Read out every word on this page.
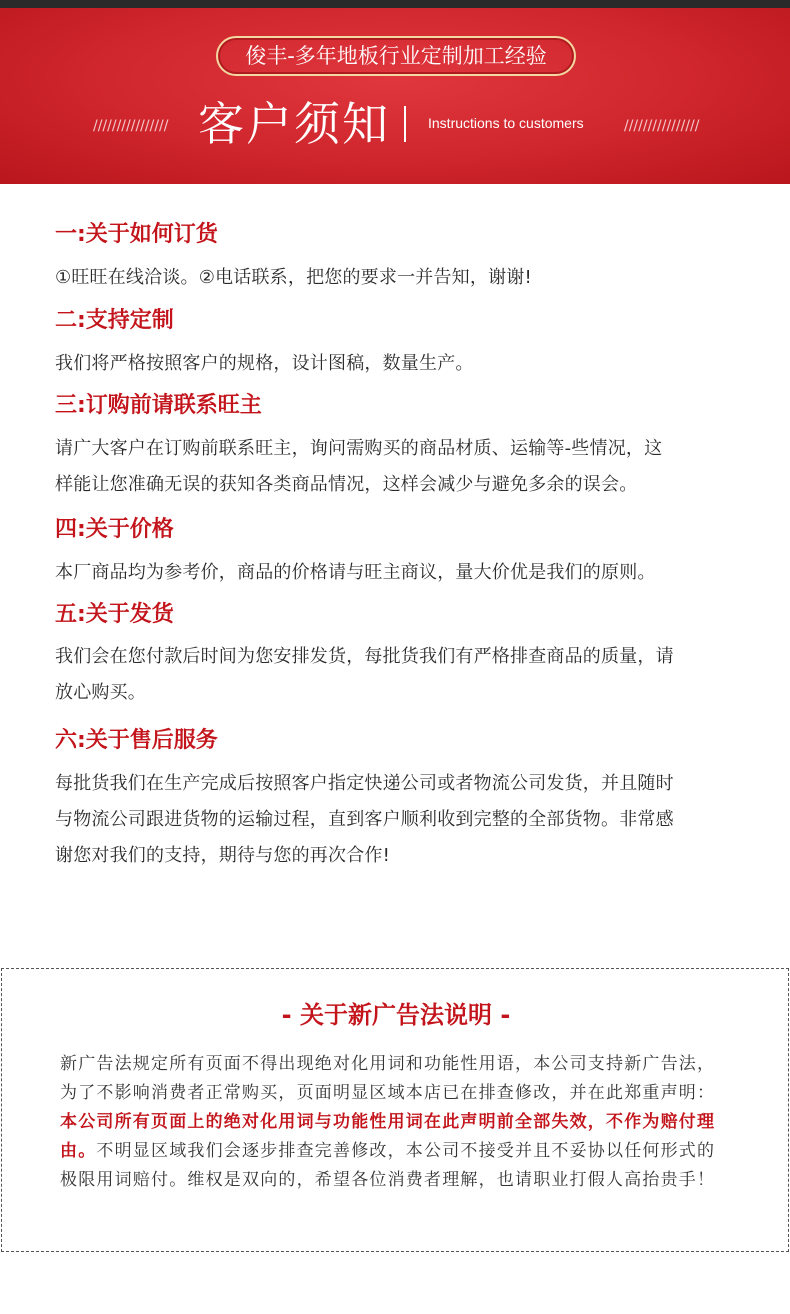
俊丰-多年地板行业定制加工经验
//////////////// 客户须知	Instructions to customers	////////////////
一:关于如何订货
①旺旺在线洽谈。②电话联系，把您的要求一并告知，谢谢!
二:支持定制
我们将严格按照客户的规格，设计图稿，数量生产。
三:订购前请联系旺主
请广大客户在订购前联系旺主，询问需购买的商品材质、运输等-些情况，这
样能让您准确无误的获知各类商品情况，这样会减少与避免多余的误会。
四:关于价格
本厂商品均为参考价，商品的价格请与旺主商议，量大价优是我们的原则。
五:关于发货
我们会在您付款后时间为您安排发货，每批货我们有严格排查商品的质量，请
放心购买。
六:关于售后服务
每批货我们在生产完成后按照客户指定快递公司或者物流公司发货，并且随时
与物流公司跟进货物的运输过程，直到客户顺利收到完整的全部货物。非常感
谢您对我们的支持，期待与您的再次合作!
- 关于新广告法说明 -
新广告法规定所有页面不得出现绝对化用词和功能性用语，本公司支持新广告法，为了不影响消费者正常购买，页面明显区域本店已在排查修改，并在此郑重声明：本公司所有页面上的绝对化用词与功能性用词在此声明前全部失效，不作为赔付理由。不明显区域我们会逐步排查完善修改，本公司不接受并且不妥协以任何形式的极限用词赔付。维权是双向的，希望各位消费者理解，也请职业打假人高抬贵手！
